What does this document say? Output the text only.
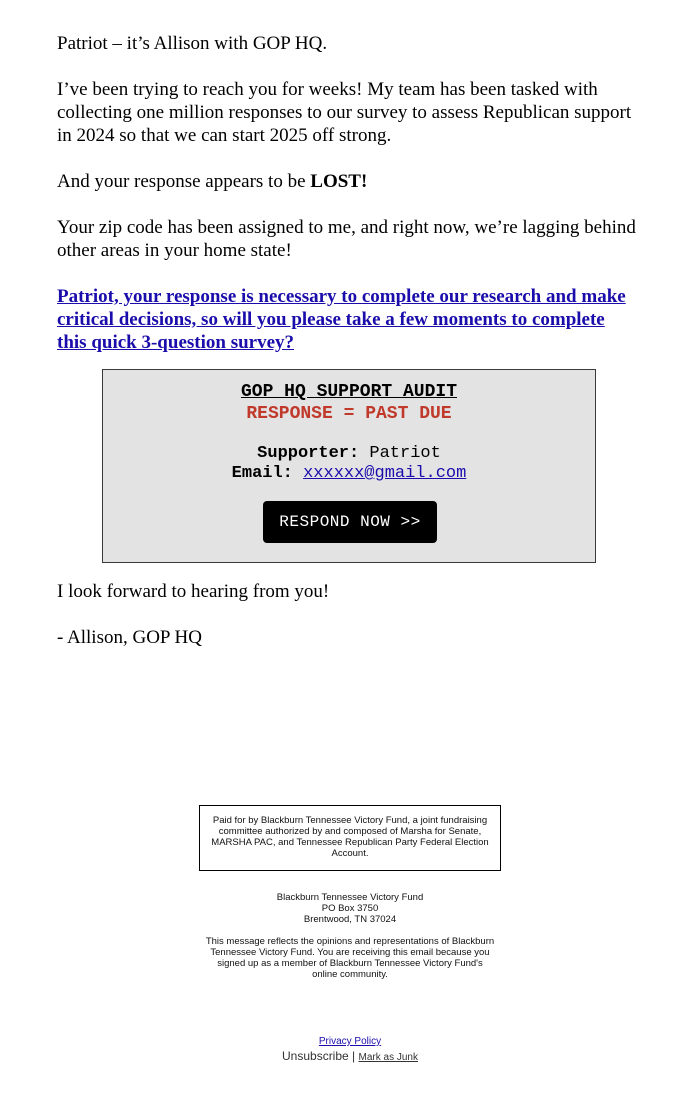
Patriot – it’s Allison with GOP HQ.

I’ve been trying to reach you for weeks! My team has been tasked with collecting one million responses to our survey to assess Republican support in 2024 so that we can start 2025 off strong.

And your response appears to be LOST!

Your zip code has been assigned to me, and right now, we’re lagging behind other areas in your home state!

Patriot, your response is necessary to complete our research and make critical decisions, so will you please take a few moments to complete this quick 3-question survey?

I look forward to hearing from you!

- Allison, GOP HQ

GOP HQ SUPPORT AUDIT
RESPONSE = PAST DUE
Supporter: Patriot
Email: xxxxxx@gmail.com
RESPOND NOW >>
Paid for by Blackburn Tennessee Victory Fund, a joint fundraising committee authorized by and composed of Marsha for Senate, MARSHA PAC, and Tennessee Republican Party Federal Election Account.
Blackburn Tennessee Victory Fund
PO Box 3750
Brentwood, TN 37024
This message reflects the opinions and representations of Blackburn Tennessee Victory Fund. You are receiving this email because you signed up as a member of Blackburn Tennessee Victory Fund's online community.
Privacy Policy
Unsubscribe | Mark as Junk
